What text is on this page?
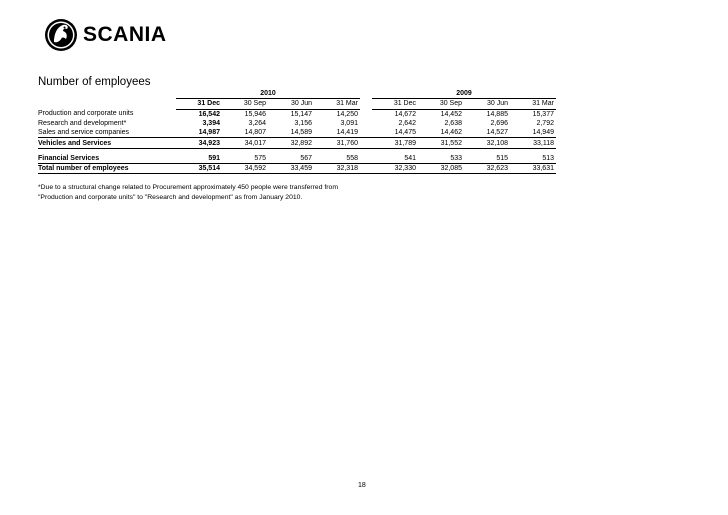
SCANIA
Number of employees
	2010					2009			
	31 Dec	30 Sep	30 Jun	31 Mar		31 Dec	30 Sep	30 Jun	31 Mar
Production and corporate units	16,542	15,946	15,147	14,250		14,672	14,452	14,885	15,377
Research and development*	3,394	3,264	3,156	3,091		2,642	2,638	2,696	2,792
Sales and service companies	14,987	14,807	14,589	14,419		14,475	14,462	14,527	14,949
Vehicles and Services	34,923	34,017	32,892	31,760		31,789	31,552	32,108	33,118

Financial Services	591	575	567	558		541	533	515	513
Total number of employees	35,514	34,592	33,459	32,318		32,330	32,085	32,623	33,631
*Due to a structural change related to Procurement approximately 450 people were transferred from
"Production and corporate units" to "Research and development" as from January 2010.
18
